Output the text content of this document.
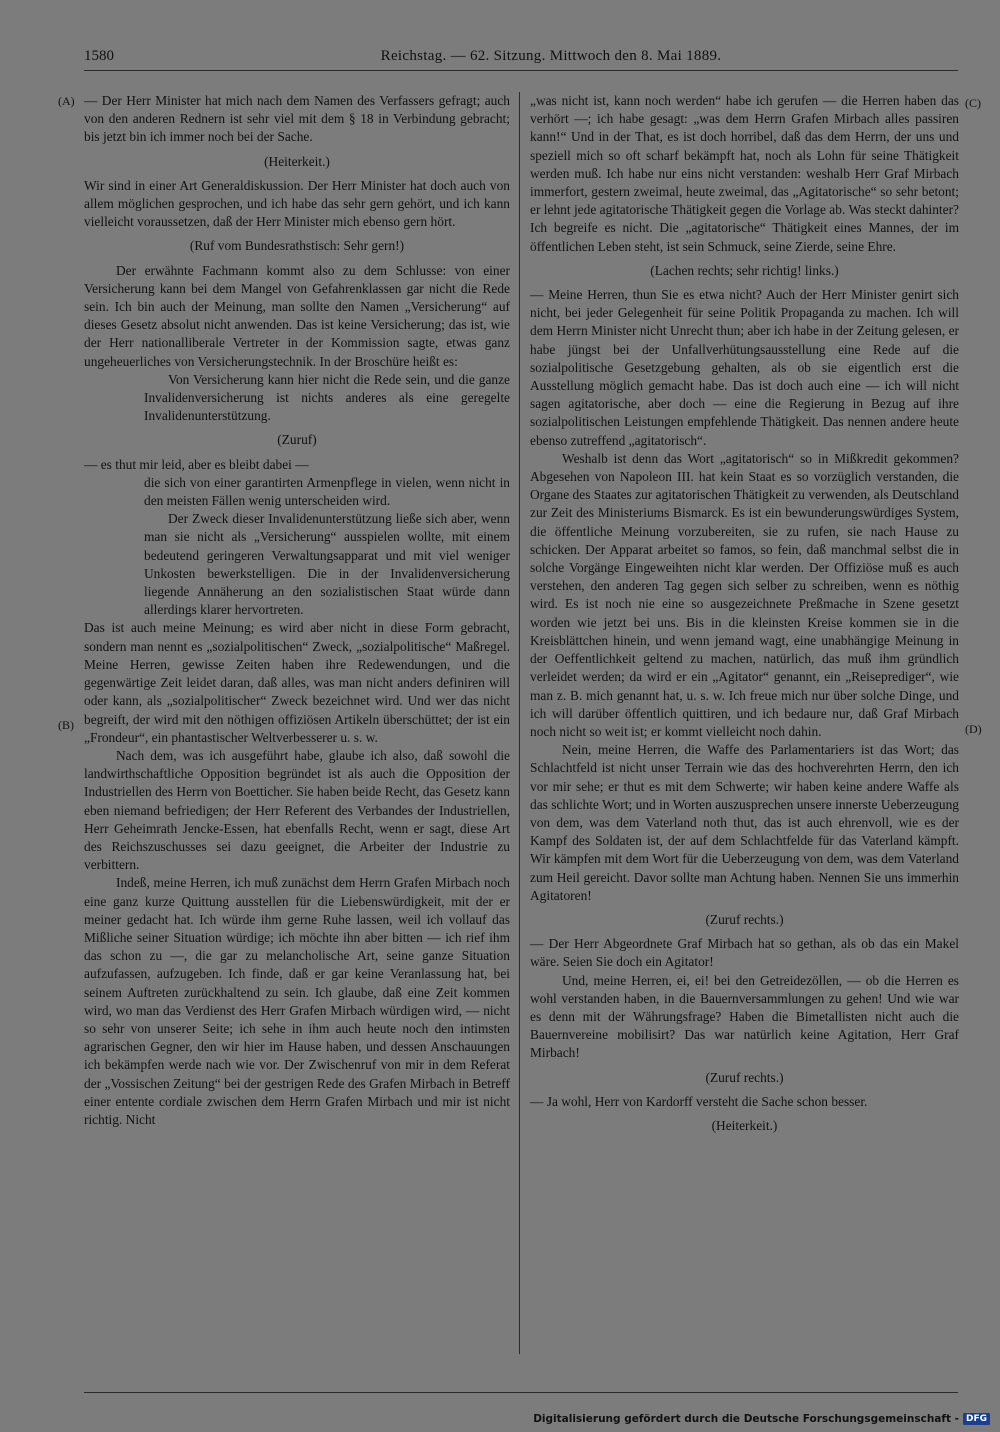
1580	Reichstag. — 62. Sitzung. Mittwoch den 8. Mai 1889.
(A)
(B)
(C)
(D)

— Der Herr Minister hat mich nach dem Namen des Verfassers gefragt; auch von den anderen Rednern ist sehr viel mit dem § 18 in Verbindung gebracht; bis jetzt bin ich immer noch bei der Sache.

(Heiterkeit.)

Wir sind in einer Art Generaldiskussion. Der Herr Minister hat doch auch von allem möglichen gesprochen, und ich habe das sehr gern gehört, und ich kann vielleicht voraussetzen, daß der Herr Minister mich ebenso gern hört.

(Ruf vom Bundesrathstisch: Sehr gern!)

Der erwähnte Fachmann kommt also zu dem Schlusse: von einer Versicherung kann bei dem Mangel von Gefahrenklassen gar nicht die Rede sein. Ich bin auch der Meinung, man sollte den Namen „Versicherung“ auf dieses Gesetz absolut nicht anwenden. Das ist keine Versicherung; das ist, wie der Herr nationalliberale Vertreter in der Kommission sagte, etwas ganz ungeheuerliches von Versicherungstechnik. In der Broschüre heißt es:

Von Versicherung kann hier nicht die Rede sein, und die ganze Invalidenversicherung ist nichts anderes als eine geregelte Invalidenunterstützung.

(Zuruf)

— es thut mir leid, aber es bleibt dabei —

die sich von einer garantirten Armenpflege in vielen, wenn nicht in den meisten Fällen wenig unterscheiden wird.

Der Zweck dieser Invalidenunterstützung ließe sich aber, wenn man sie nicht als „Versicherung“ ausspielen wollte, mit einem bedeutend geringeren Verwaltungsapparat und mit viel weniger Unkosten bewerkstelligen. Die in der Invalidenversicherung liegende Annäherung an den sozialistischen Staat würde dann allerdings klarer hervortreten.

Das ist auch meine Meinung; es wird aber nicht in diese Form gebracht, sondern man nennt es „sozialpolitischen“ Zweck, „sozialpolitische“ Maßregel. Meine Herren, gewisse Zeiten haben ihre Redewendungen, und die gegenwärtige Zeit leidet daran, daß alles, was man nicht anders definiren will oder kann, als „sozialpolitischer“ Zweck bezeichnet wird. Und wer das nicht begreift, der wird mit den nöthigen offiziösen Artikeln überschüttet; der ist ein „Frondeur“, ein phantastischer Weltverbesserer u. s. w.

Nach dem, was ich ausgeführt habe, glaube ich also, daß sowohl die landwirthschaftliche Opposition begründet ist als auch die Opposition der Industriellen des Herrn von Boetticher. Sie haben beide Recht, das Gesetz kann eben niemand befriedigen; der Herr Referent des Verbandes der Industriellen, Herr Geheimrath Jencke-Essen, hat ebenfalls Recht, wenn er sagt, diese Art des Reichszuschusses sei dazu geeignet, die Arbeiter der Industrie zu verbittern.

Indeß, meine Herren, ich muß zunächst dem Herrn Grafen Mirbach noch eine ganz kurze Quittung ausstellen für die Liebenswürdigkeit, mit der er meiner gedacht hat. Ich würde ihm gerne Ruhe lassen, weil ich vollauf das Mißliche seiner Situation würdige; ich möchte ihn aber bitten — ich rief ihm das schon zu —, die gar zu melancholische Art, seine ganze Situation aufzufassen, aufzugeben. Ich finde, daß er gar keine Veranlassung hat, bei seinem Auftreten zurückhaltend zu sein. Ich glaube, daß eine Zeit kommen wird, wo man das Verdienst des Herr Grafen Mirbach würdigen wird, — nicht so sehr von unserer Seite; ich sehe in ihm auch heute noch den intimsten agrarischen Gegner, den wir hier im Hause haben, und dessen Anschauungen ich bekämpfen werde nach wie vor. Der Zwischenruf von mir in dem Referat der „Vossischen Zeitung“ bei der gestrigen Rede des Grafen Mirbach in Betreff einer entente cordiale zwischen dem Herrn Grafen Mirbach und mir ist nicht richtig. Nicht

„was nicht ist, kann noch werden“ habe ich gerufen — die Herren haben das verhört —; ich habe gesagt: „was dem Herrn Grafen Mirbach alles passiren kann!“ Und in der That, es ist doch horribel, daß das dem Herrn, der uns und speziell mich so oft scharf bekämpft hat, noch als Lohn für seine Thätigkeit werden muß. Ich habe nur eins nicht verstanden: weshalb Herr Graf Mirbach immerfort, gestern zweimal, heute zweimal, das „Agitatorische“ so sehr betont; er lehnt jede agitatorische Thätigkeit gegen die Vorlage ab. Was steckt dahinter? Ich begreife es nicht. Die „agitatorische“ Thätigkeit eines Mannes, der im öffentlichen Leben steht, ist sein Schmuck, seine Zierde, seine Ehre.

(Lachen rechts; sehr richtig! links.)

— Meine Herren, thun Sie es etwa nicht? Auch der Herr Minister genirt sich nicht, bei jeder Gelegenheit für seine Politik Propaganda zu machen. Ich will dem Herrn Minister nicht Unrecht thun; aber ich habe in der Zeitung gelesen, er habe jüngst bei der Unfallverhütungsausstellung eine Rede auf die sozialpolitische Gesetzgebung gehalten, als ob sie eigentlich erst die Ausstellung möglich gemacht habe. Das ist doch auch eine — ich will nicht sagen agitatorische, aber doch — eine die Regierung in Bezug auf ihre sozialpolitischen Leistungen empfehlende Thätigkeit. Das nennen andere heute ebenso zutreffend „agitatorisch“.

Weshalb ist denn das Wort „agitatorisch“ so in Mißkredit gekommen? Abgesehen von Napoleon III. hat kein Staat es so vorzüglich verstanden, die Organe des Staates zur agitatorischen Thätigkeit zu verwenden, als Deutschland zur Zeit des Ministeriums Bismarck. Es ist ein bewunderungswürdiges System, die öffentliche Meinung vorzubereiten, sie zu rufen, sie nach Hause zu schicken. Der Apparat arbeitet so famos, so fein, daß manchmal selbst die in solche Vorgänge Eingeweihten nicht klar werden. Der Offiziöse muß es auch verstehen, den anderen Tag gegen sich selber zu schreiben, wenn es nöthig wird. Es ist noch nie eine so ausgezeichnete Preßmache in Szene gesetzt worden wie jetzt bei uns. Bis in die kleinsten Kreise kommen sie in die Kreisblättchen hinein, und wenn jemand wagt, eine unabhängige Meinung in der Oeffentlichkeit geltend zu machen, natürlich, das muß ihm gründlich verleidet werden; da wird er ein „Agitator“ genannt, ein „Reiseprediger“, wie man z. B. mich genannt hat, u. s. w. Ich freue mich nur über solche Dinge, und ich will darüber öffentlich quittiren, und ich bedaure nur, daß Graf Mirbach noch nicht so weit ist; er kommt vielleicht noch dahin.

Nein, meine Herren, die Waffe des Parlamentariers ist das Wort; das Schlachtfeld ist nicht unser Terrain wie das des hochverehrten Herrn, den ich vor mir sehe; er thut es mit dem Schwerte; wir haben keine andere Waffe als das schlichte Wort; und in Worten auszusprechen unsere innerste Ueberzeugung von dem, was dem Vaterland noth thut, das ist auch ehrenvoll, wie es der Kampf des Soldaten ist, der auf dem Schlachtfelde für das Vaterland kämpft. Wir kämpfen mit dem Wort für die Ueberzeugung von dem, was dem Vaterland zum Heil gereicht. Davor sollte man Achtung haben. Nennen Sie uns immerhin Agitatoren!

(Zuruf rechts.)

— Der Herr Abgeordnete Graf Mirbach hat so gethan, als ob das ein Makel wäre. Seien Sie doch ein Agitator!

Und, meine Herren, ei, ei! bei den Getreidezöllen, — ob die Herren es wohl verstanden haben, in die Bauernversammlungen zu gehen! Und wie war es denn mit der Währungsfrage? Haben die Bimetallisten nicht auch die Bauernvereine mobilisirt? Das war natürlich keine Agitation, Herr Graf Mirbach!

(Zuruf rechts.)

— Ja wohl, Herr von Kardorff versteht die Sache schon besser.

(Heiterkeit.)

Digitalisierung gefördert durch die Deutsche Forschungsgemeinschaft - DFG
